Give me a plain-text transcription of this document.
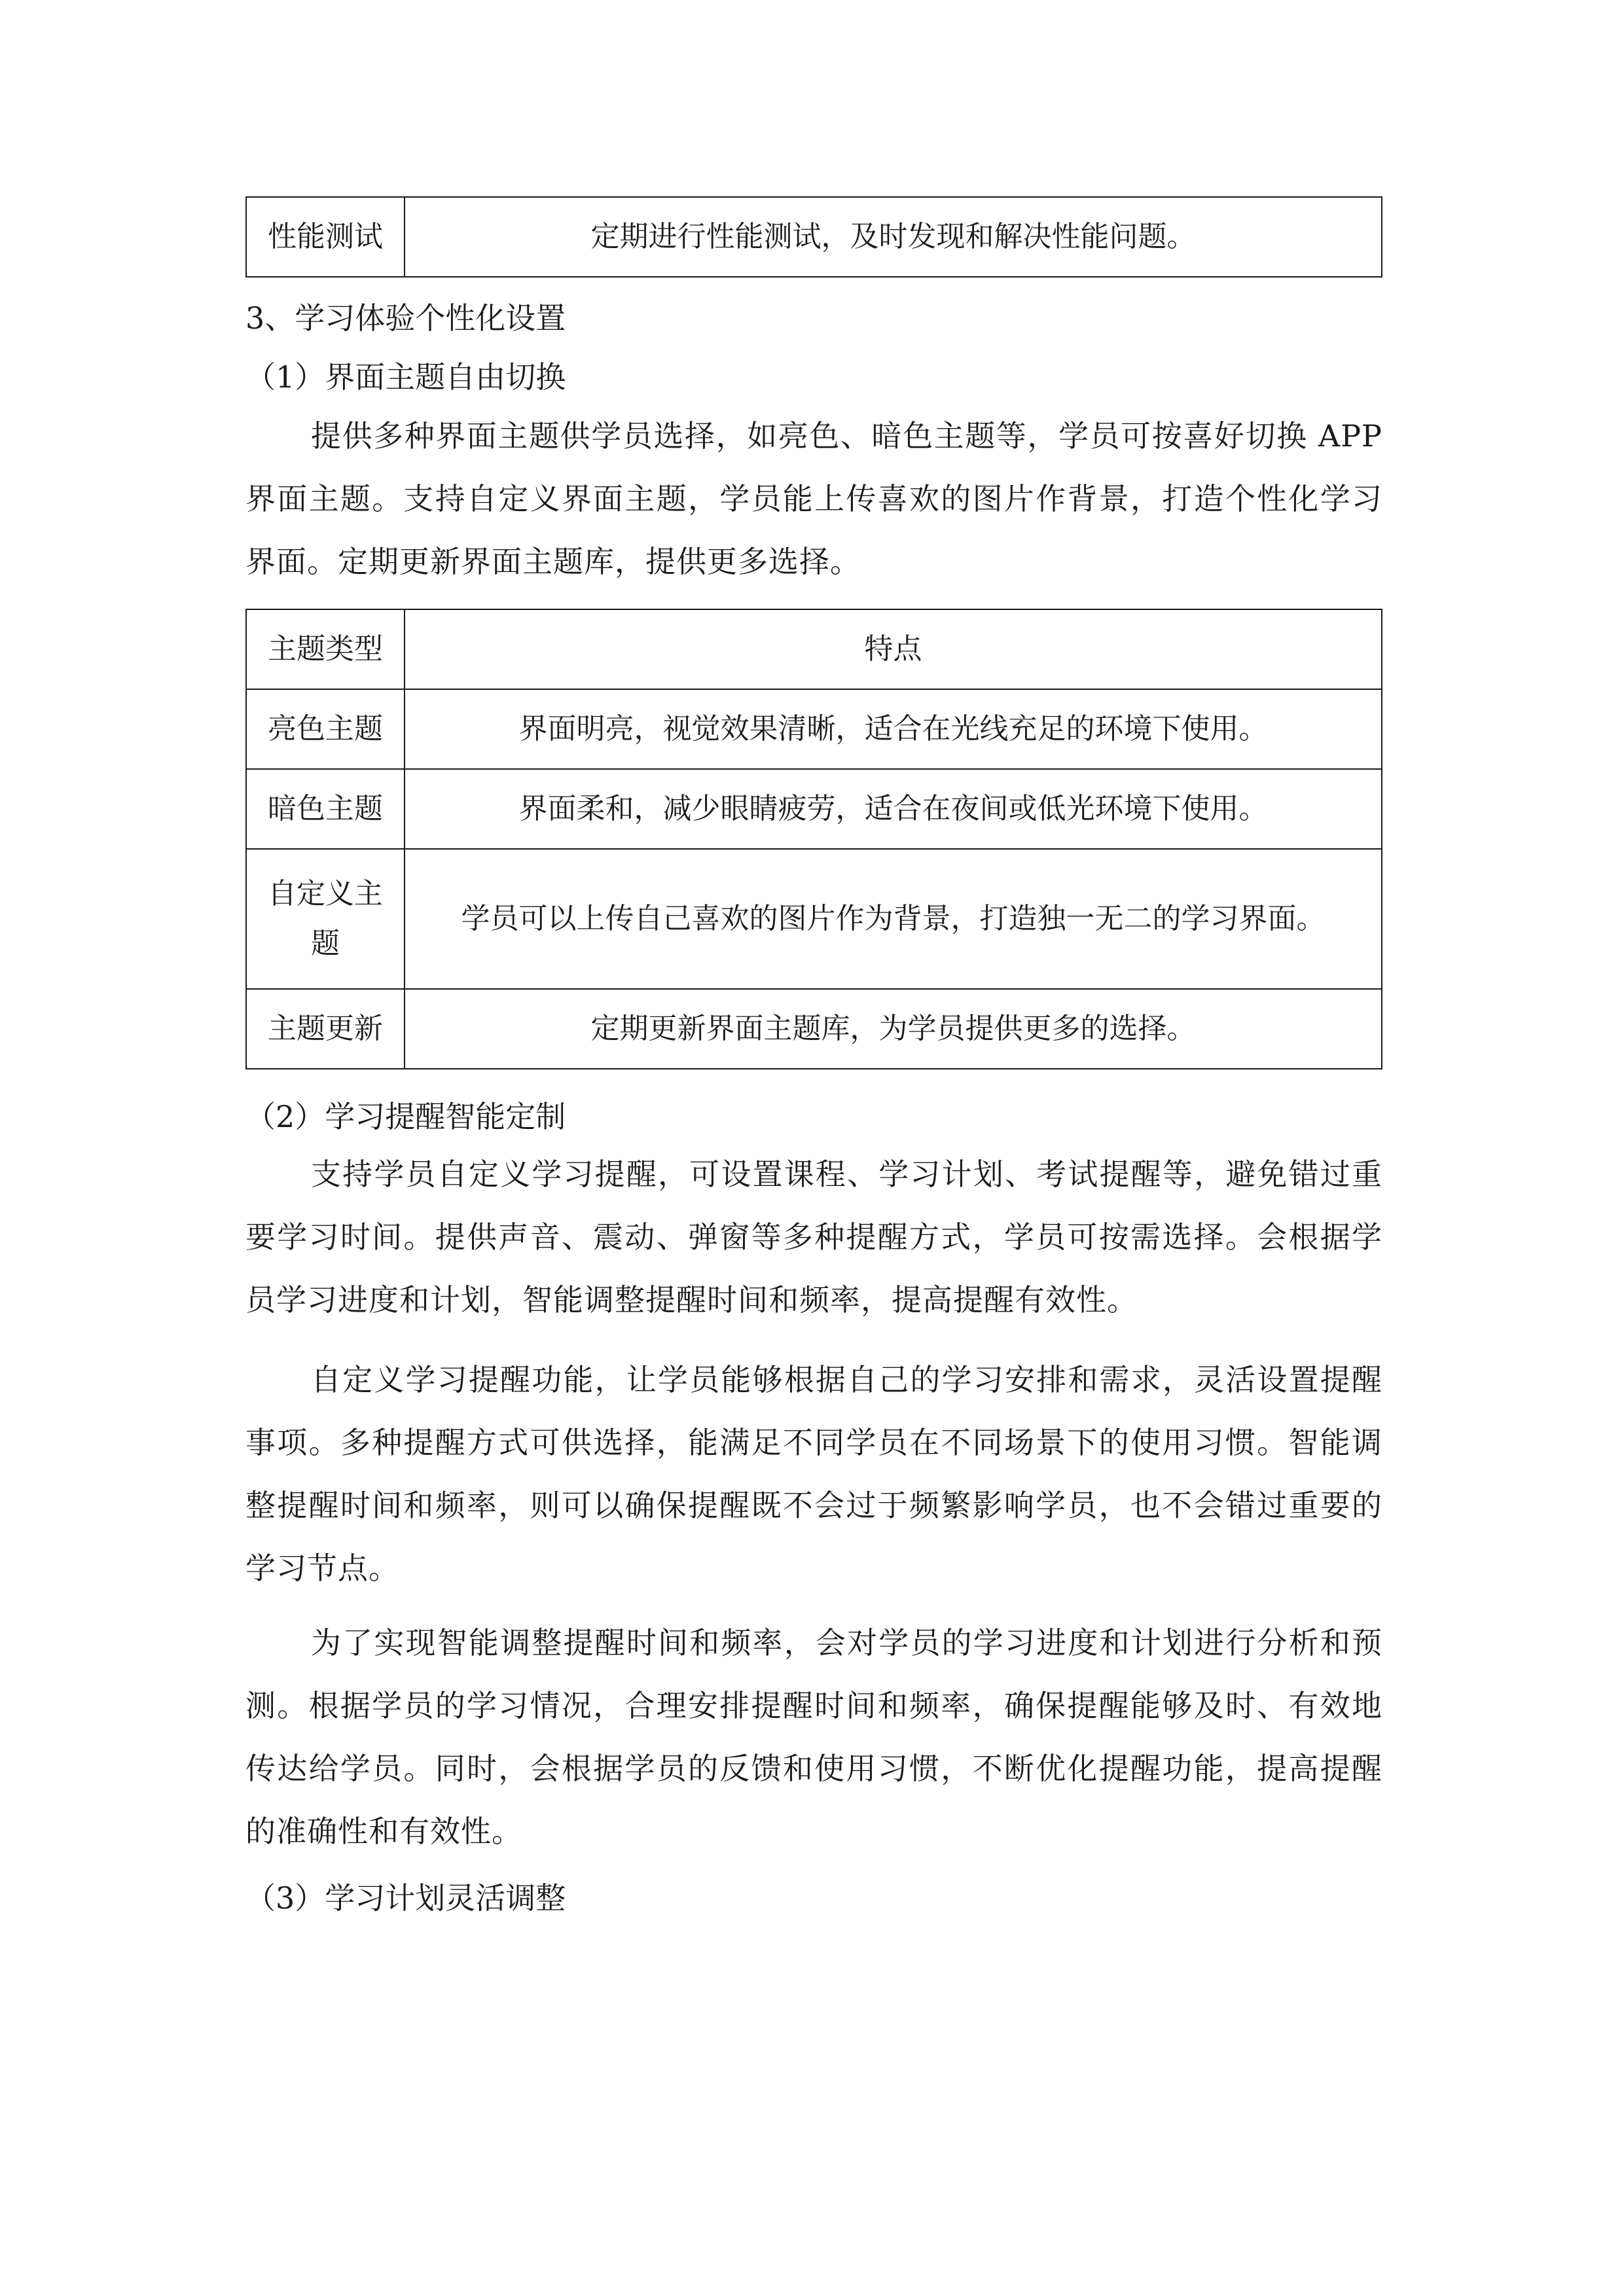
性能测试	定期进行性能测试，及时发现和解决性能问题。
3、学习体验个性化设置
（1）界面主题自由切换
提供多种界面主题供学员选择，如亮色、暗色主题等，学员可按喜好切换 APP 界面主题。支持自定义界面主题，学员能上传喜欢的图片作背景，打造个性化学习界面。定期更新界面主题库，提供更多选择。
主题类型	特点
亮色主题	界面明亮，视觉效果清晰，适合在光线充足的环境下使用。
暗色主题	界面柔和，减少眼睛疲劳，适合在夜间或低光环境下使用。
自定义主题	学员可以上传自己喜欢的图片作为背景，打造独一无二的学习界面。
主题更新	定期更新界面主题库，为学员提供更多的选择。
（2）学习提醒智能定制
支持学员自定义学习提醒，可设置课程、学习计划、考试提醒等，避免错过重要学习时间。提供声音、震动、弹窗等多种提醒方式，学员可按需选择。会根据学员学习进度和计划，智能调整提醒时间和频率，提高提醒有效性。
自定义学习提醒功能，让学员能够根据自己的学习安排和需求，灵活设置提醒事项。多种提醒方式可供选择，能满足不同学员在不同场景下的使用习惯。智能调整提醒时间和频率，则可以确保提醒既不会过于频繁影响学员，也不会错过重要的学习节点。
为了实现智能调整提醒时间和频率，会对学员的学习进度和计划进行分析和预测。根据学员的学习情况，合理安排提醒时间和频率，确保提醒能够及时、有效地传达给学员。同时，会根据学员的反馈和使用习惯，不断优化提醒功能，提高提醒的准确性和有效性。
（3）学习计划灵活调整
